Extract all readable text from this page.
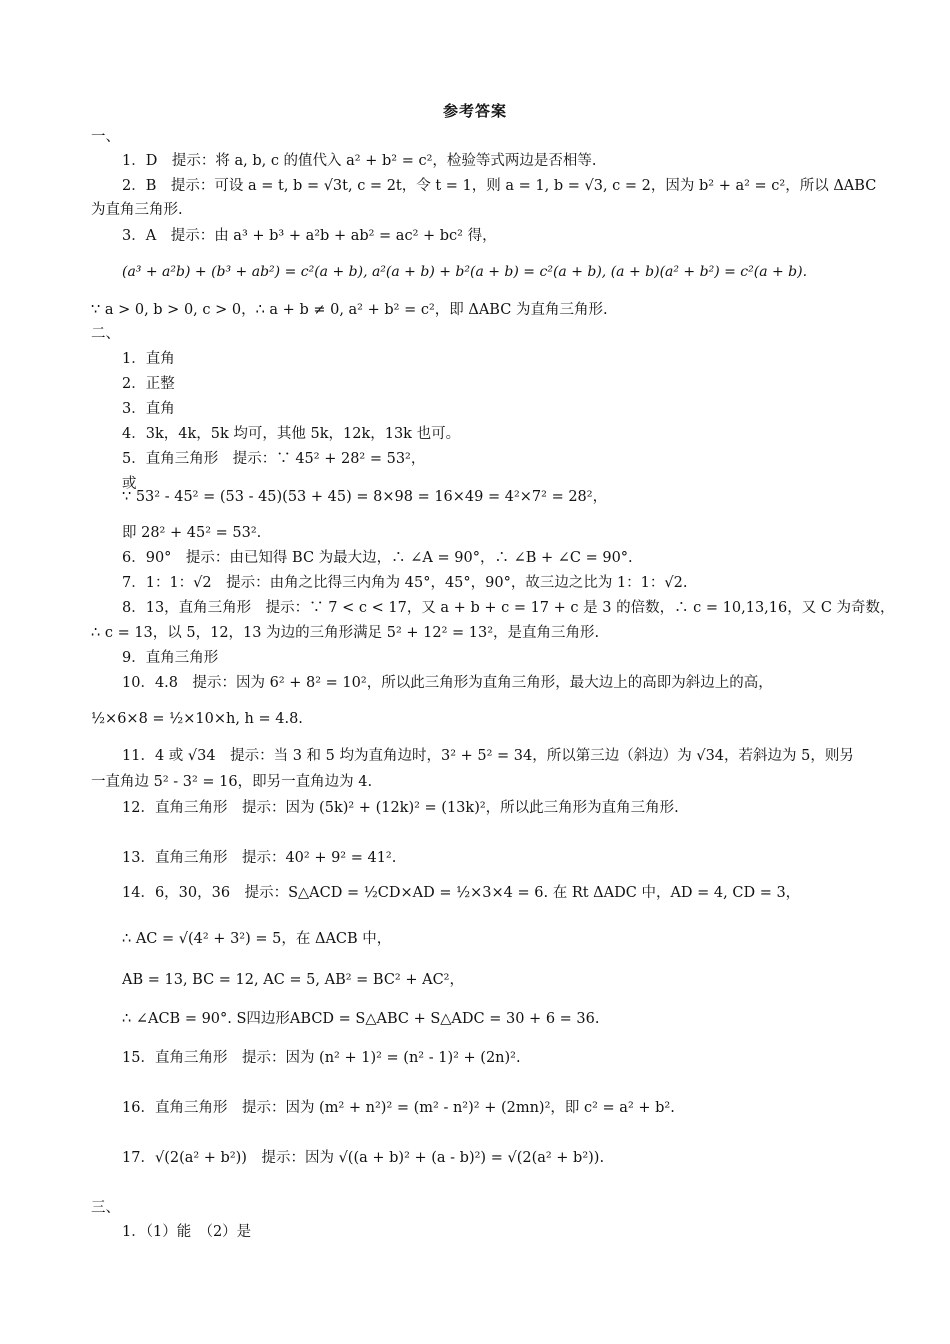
参考答案
一、
1．D　提示：将 a, b, c 的值代入 a² + b² = c²，检验等式两边是否相等.
2．B　提示：可设 a = t, b = √3t, c = 2t，令 t = 1，则 a = 1, b = √3, c = 2，因为 b² + a² = c²，所以 ΔABC
为直角三角形.
3．A　提示：由 a³ + b³ + a²b + ab² = ac² + bc² 得，
(a³ + a²b) + (b³ + ab²) = c²(a + b), a²(a + b) + b²(a + b) = c²(a + b), (a + b)(a² + b²) = c²(a + b).
∵ a > 0, b > 0, c > 0，∴ a + b ≠ 0, a² + b² = c²，即 ΔABC 为直角三角形.
二、
1．直角
2．正整
3．直角
4．3k，4k，5k 均可，其他 5k，12k，13k 也可。
5．直角三角形　提示：∵ 45² + 28² = 53²，
或
∵ 53² - 45² = (53 - 45)(53 + 45) = 8×98 = 16×49 = 4²×7² = 28²，
即 28² + 45² = 53².
6．90°　提示：由已知得 BC 为最大边，∴ ∠A = 90°，∴ ∠B + ∠C = 90°.
7．1：1：√2　提示：由角之比得三内角为 45°，45°，90°，故三边之比为 1：1：√2.
8．13，直角三角形　提示：∵ 7 < c < 17，又 a + b + c = 17 + c 是 3 的倍数，∴ c = 10,13,16，又 C 为奇数，
∴ c = 13，以 5，12，13 为边的三角形满足 5² + 12² = 13²，是直角三角形.
9．直角三角形
10．4.8　提示：因为 6² + 8² = 10²，所以此三角形为直角三角形，最大边上的高即为斜边上的高，
½×6×8 = ½×10×h, h = 4.8.
11．4 或 √34　提示：当 3 和 5 均为直角边时，3² + 5² = 34，所以第三边（斜边）为 √34，若斜边为 5，则另
一直角边 5² - 3² = 16，即另一直角边为 4.
12．直角三角形　提示：因为 (5k)² + (12k)² = (13k)²，所以此三角形为直角三角形.
13．直角三角形　提示：40² + 9² = 41².
14．6，30，36　提示：S△ACD = ½CD×AD = ½×3×4 = 6. 在 Rt ΔADC 中，AD = 4, CD = 3，
∴ AC = √(4² + 3²) = 5，在 ΔACB 中，
AB = 13, BC = 12, AC = 5, AB² = BC² + AC²，
∴ ∠ACB = 90°. S四边形ABCD = S△ABC + S△ADC = 30 + 6 = 36.
15．直角三角形　提示：因为 (n² + 1)² = (n² - 1)² + (2n)².
16．直角三角形　提示：因为 (m² + n²)² = (m² - n²)² + (2mn)²，即 c² = a² + b².
17．√(2(a² + b²))　提示：因为 √((a + b)² + (a - b)²) = √(2(a² + b²)).
三、
1．（1）能　（2）是
